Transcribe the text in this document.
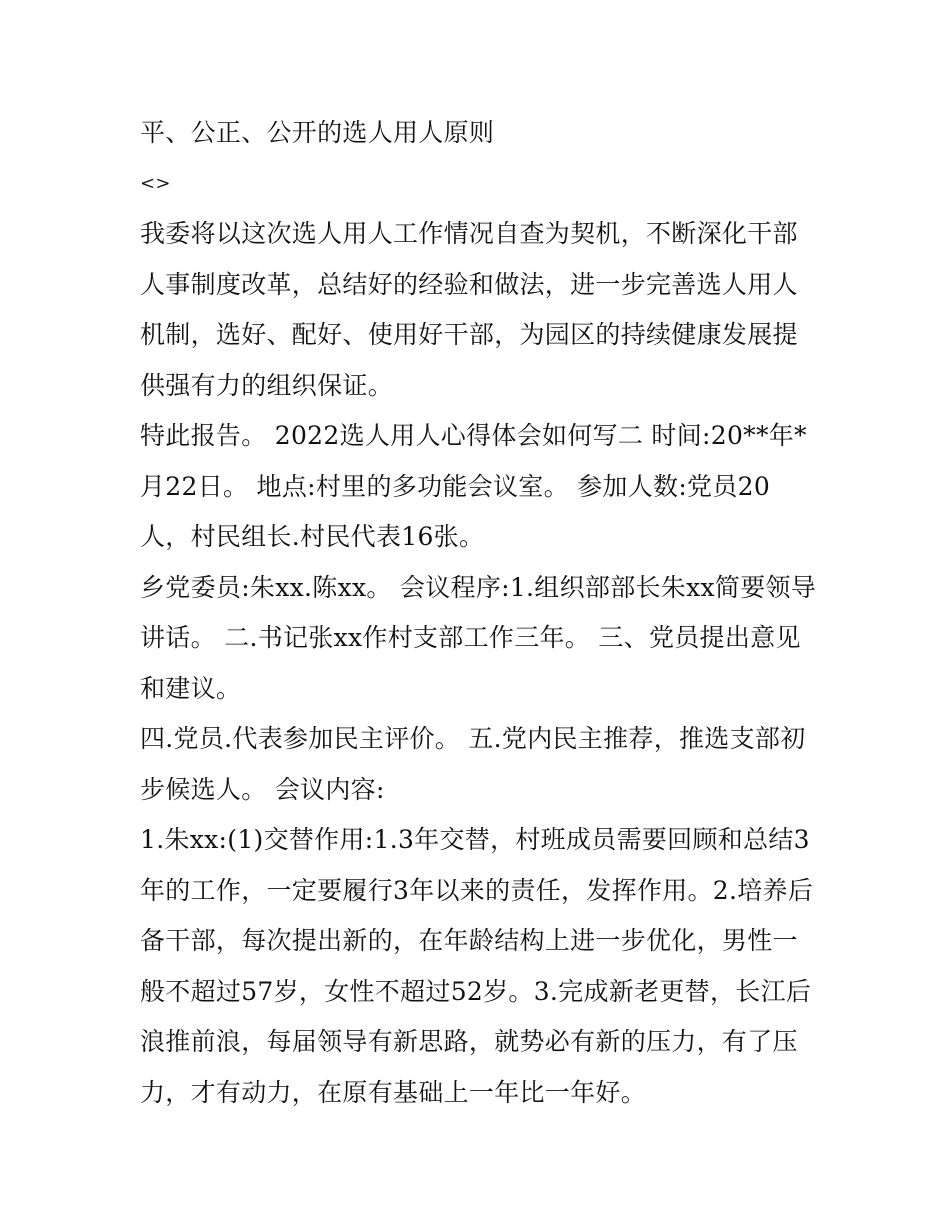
平、公正、公开的选人用人原则

<>

我委将以这次选人用人工作情况自查为契机，不断深化干部人事制度改革，总结好的经验和做法，进一步完善选人用人机制，选好、配好、使用好干部，为园区的持续健康发展提供强有力的组织保证。

特此报告。 2022选人用人心得体会如何写二 时间:20**年*月22日。 地点:村里的多功能会议室。 参加人数:党员20人，村民组长.村民代表16张。

乡党委员:朱xx.陈xx。 会议程序:1.组织部部长朱xx简要领导讲话。 二.书记张xx作村支部工作三年。 三、党员提出意见和建议。

四.党员.代表参加民主评价。 五.党内民主推荐，推选支部初步候选人。 会议内容:

1.朱xx:(1)交替作用:1.3年交替，村班成员需要回顾和总结3年的工作，一定要履行3年以来的责任，发挥作用。2.培养后备干部，每次提出新的，在年龄结构上进一步优化，男性一般不超过57岁，女性不超过52岁。3.完成新老更替，长江后浪推前浪，每届领导有新思路，就势必有新的压力，有了压力，才有动力，在原有基础上一年比一年好。
